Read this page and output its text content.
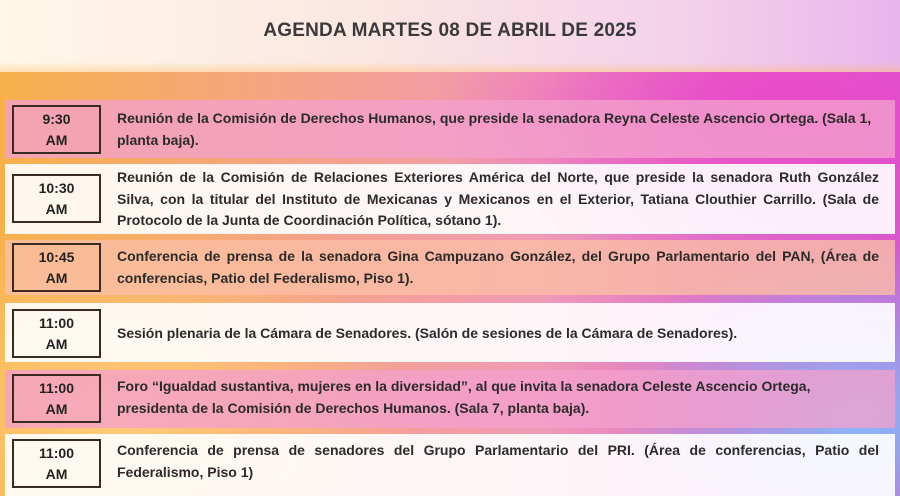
AGENDA MARTES 08 DE ABRIL DE 2025
9:30
AM
Reunión de la Comisión de Derechos Humanos, que preside la senadora Reyna Celeste Ascencio Ortega. (Sala 1, planta baja).
10:30
AM
Reunión de la Comisión de Relaciones Exteriores América del Norte, que preside la senadora Ruth González Silva, con la titular del Instituto de Mexicanas y Mexicanos en el Exterior, Tatiana Clouthier Carrillo. (Sala de Protocolo de la Junta de Coordinación Política, sótano 1).
10:45
AM
Conferencia de prensa de la senadora Gina Campuzano González, del Grupo Parlamentario del PAN, (Área de conferencias, Patio del Federalismo, Piso 1).
11:00
AM
Sesión plenaria de la Cámara de Senadores. (Salón de sesiones de la Cámara de Senadores).
11:00
AM
Foro “Igualdad sustantiva, mujeres en la diversidad”, al que invita la senadora Celeste Ascencio Ortega, presidenta de la Comisión de Derechos Humanos. (Sala 7, planta baja).
11:00
AM
Conferencia de prensa de senadores del Grupo Parlamentario del PRI. (Área de conferencias, Patio del Federalismo, Piso 1)
